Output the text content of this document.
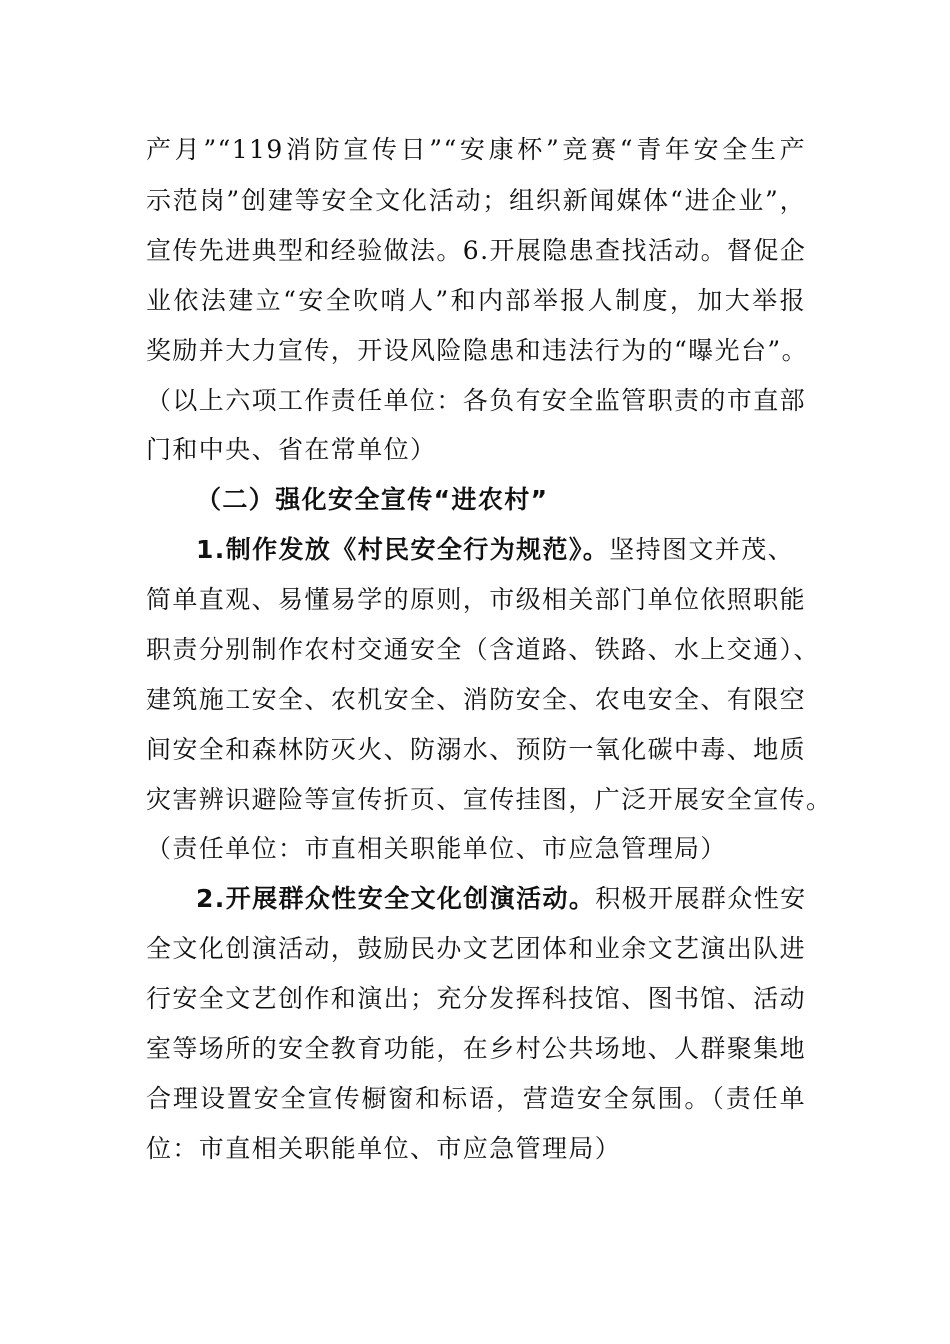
产月”“119消防宣传日”“安康杯”竞赛“青年安全生产
示范岗”创建等安全文化活动；组织新闻媒体“进企业”，
宣传先进典型和经验做法。6.开展隐患查找活动。督促企
业依法建立“安全吹哨人”和内部举报人制度，加大举报
奖励并大力宣传，开设风险隐患和违法行为的“曝光台”。
（以上六项工作责任单位：各负有安全监管职责的市直部
门和中央、省在常单位）
（二）强化安全宣传“进农村”
1.制作发放《村民安全行为规范》。坚持图文并茂、
简单直观、易懂易学的原则，市级相关部门单位依照职能
职责分别制作农村交通安全（含道路、铁路、水上交通）、
建筑施工安全、农机安全、消防安全、农电安全、有限空
间安全和森林防灭火、防溺水、预防一氧化碳中毒、地质
灾害辨识避险等宣传折页、宣传挂图，广泛开展安全宣传。
（责任单位：市直相关职能单位、市应急管理局）
2.开展群众性安全文化创演活动。积极开展群众性安
全文化创演活动，鼓励民办文艺团体和业余文艺演出队进
行安全文艺创作和演出；充分发挥科技馆、图书馆、活动
室等场所的安全教育功能，在乡村公共场地、人群聚集地
合理设置安全宣传橱窗和标语，营造安全氛围。（责任单
位：市直相关职能单位、市应急管理局）
